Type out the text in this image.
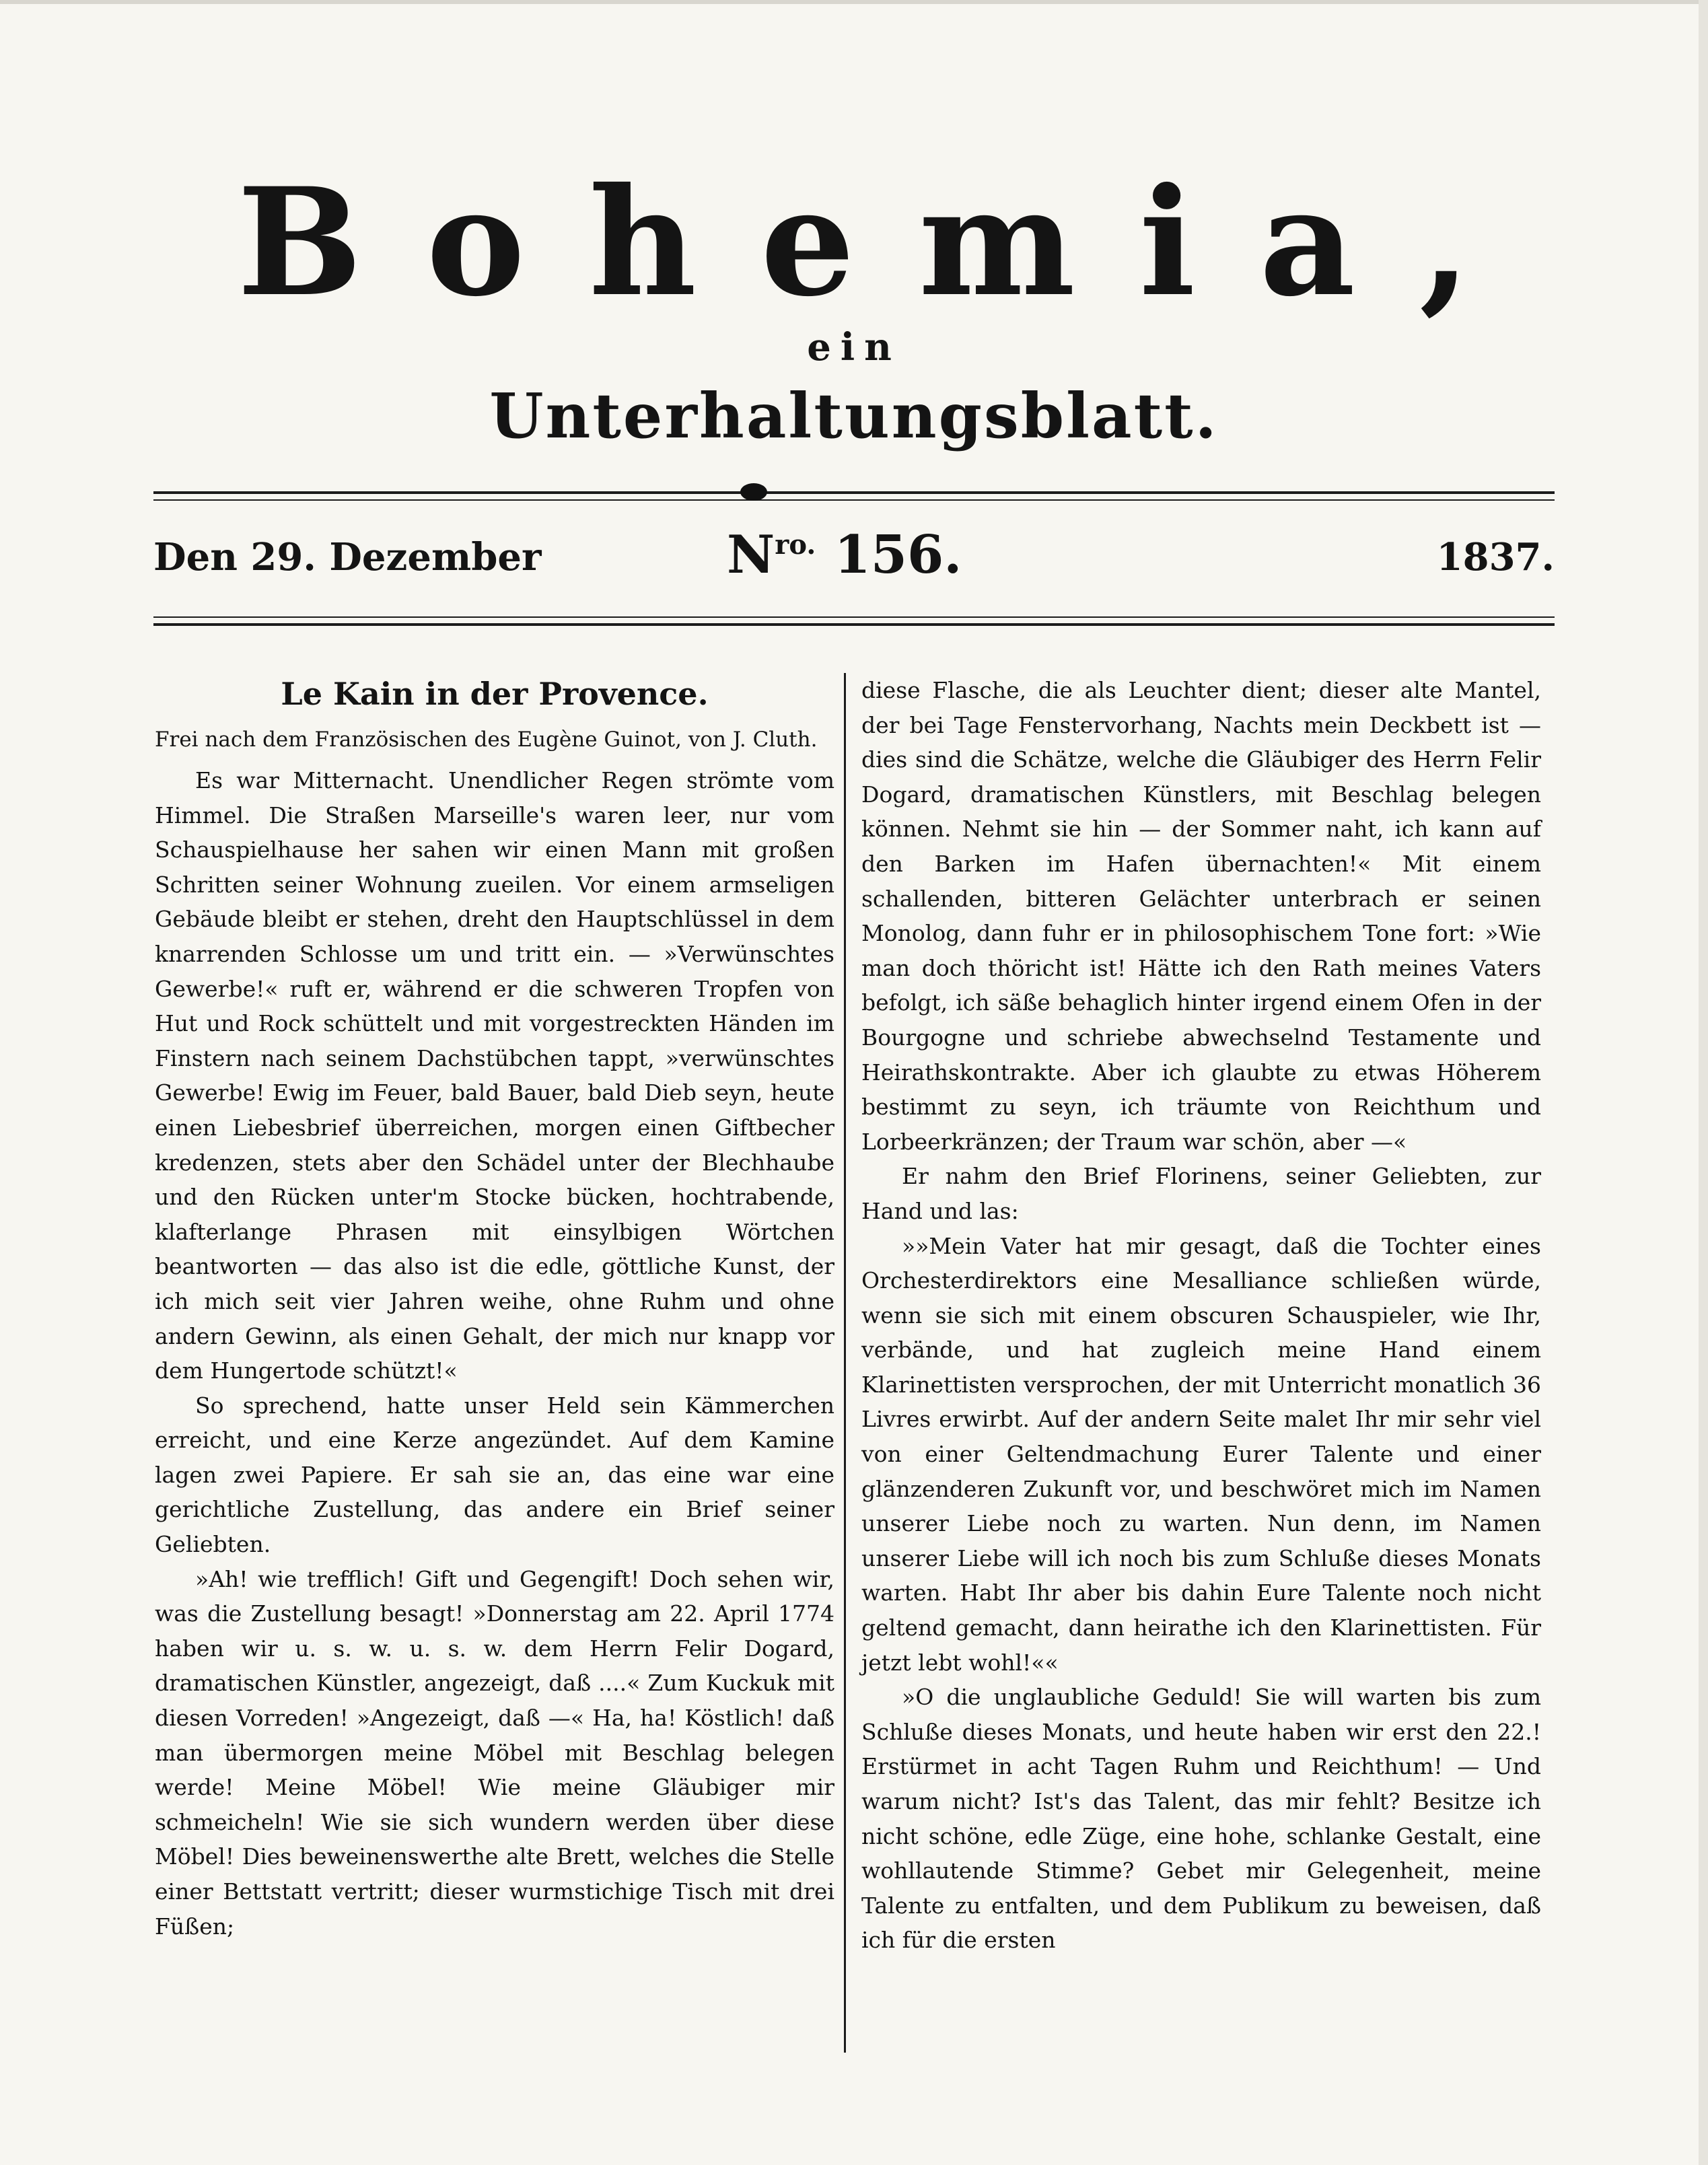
Bohemia,
ein
Unterhaltungsblatt.
Den 29. Dezember	$N^{ro.}$ 156.	1837.
Le Kain in der Provence.
Frei nach dem Französischen des Eugène Guinot, von J. Cluth.

Es war Mitternacht. Unendlicher Regen strömte vom Himmel. Die Straßen Marseille's waren leer, nur vom Schauspielhause her sahen wir einen Mann mit großen Schritten seiner Wohnung zueilen. Vor einem armseligen Gebäude bleibt er stehen, dreht den Hauptschlüssel in dem knarrenden Schlosse um und tritt ein. — »Verwünschtes Gewerbe!« ruft er, während er die schweren Tropfen von Hut und Rock schüttelt und mit vorgestreckten Händen im Finstern nach seinem Dachstübchen tappt, »verwünschtes Gewerbe! Ewig im Feuer, bald Bauer, bald Dieb seyn, heute einen Liebesbrief überreichen, morgen einen Giftbecher kredenzen, stets aber den Schädel unter der Blechhaube und den Rücken unter'm Stocke bücken, hochtrabende, klafterlange Phrasen mit einsylbigen Wörtchen beantworten — das also ist die edle, göttliche Kunst, der ich mich seit vier Jahren weihe, ohne Ruhm und ohne andern Gewinn, als einen Gehalt, der mich nur knapp vor dem Hungertode schützt!«

So sprechend, hatte unser Held sein Kämmerchen erreicht, und eine Kerze angezündet. Auf dem Kamine lagen zwei Papiere. Er sah sie an, das eine war eine gerichtliche Zustellung, das andere ein Brief seiner Geliebten.

»Ah! wie trefflich! Gift und Gegengift! Doch sehen wir, was die Zustellung besagt! »Donnerstag am 22. April 1774 haben wir u. s. w. u. s. w. dem Herrn Felir Dogard, dramatischen Künstler, angezeigt, daß ....« Zum Kuckuk mit diesen Vorreden! »Angezeigt, daß —« Ha, ha! Köstlich! daß man übermorgen meine Möbel mit Beschlag belegen werde! Meine Möbel! Wie meine Gläubiger mir schmeicheln! Wie sie sich wundern werden über diese Möbel! Dies beweinenswerthe alte Brett, welches die Stelle einer Bettstatt vertritt; dieser wurmstichige Tisch mit drei Füßen;

diese Flasche, die als Leuchter dient; dieser alte Mantel, der bei Tage Fenstervorhang, Nachts mein Deckbett ist — dies sind die Schätze, welche die Gläubiger des Herrn Felir Dogard, dramatischen Künstlers, mit Beschlag belegen können. Nehmt sie hin — der Sommer naht, ich kann auf den Barken im Hafen übernachten!« Mit einem schallenden, bitteren Gelächter unterbrach er seinen Monolog, dann fuhr er in philosophischem Tone fort: »Wie man doch thöricht ist! Hätte ich den Rath meines Vaters befolgt, ich säße behaglich hinter irgend einem Ofen in der Bourgogne und schriebe abwechselnd Testamente und Heirathskontrakte. Aber ich glaubte zu etwas Höherem bestimmt zu seyn, ich träumte von Reichthum und Lorbeerkränzen; der Traum war schön, aber —«

Er nahm den Brief Florinens, seiner Geliebten, zur Hand und las:

»»Mein Vater hat mir gesagt, daß die Tochter eines Orchesterdirektors eine Mesalliance schließen würde, wenn sie sich mit einem obscuren Schauspieler, wie Ihr, verbände, und hat zugleich meine Hand einem Klarinettisten versprochen, der mit Unterricht monatlich 36 Livres erwirbt. Auf der andern Seite malet Ihr mir sehr viel von einer Geltendmachung Eurer Talente und einer glänzenderen Zukunft vor, und beschwöret mich im Namen unserer Liebe noch zu warten. Nun denn, im Namen unserer Liebe will ich noch bis zum Schluße dieses Monats warten. Habt Ihr aber bis dahin Eure Talente noch nicht geltend gemacht, dann heirathe ich den Klarinettisten. Für jetzt lebt wohl!««

»O die unglaubliche Geduld! Sie will warten bis zum Schluße dieses Monats, und heute haben wir erst den 22.! Erstürmet in acht Tagen Ruhm und Reichthum! — Und warum nicht? Ist's das Talent, das mir fehlt? Besitze ich nicht schöne, edle Züge, eine hohe, schlanke Gestalt, eine wohllautende Stimme? Gebet mir Gelegenheit, meine Talente zu entfalten, und dem Publikum zu beweisen, daß ich für die ersten
